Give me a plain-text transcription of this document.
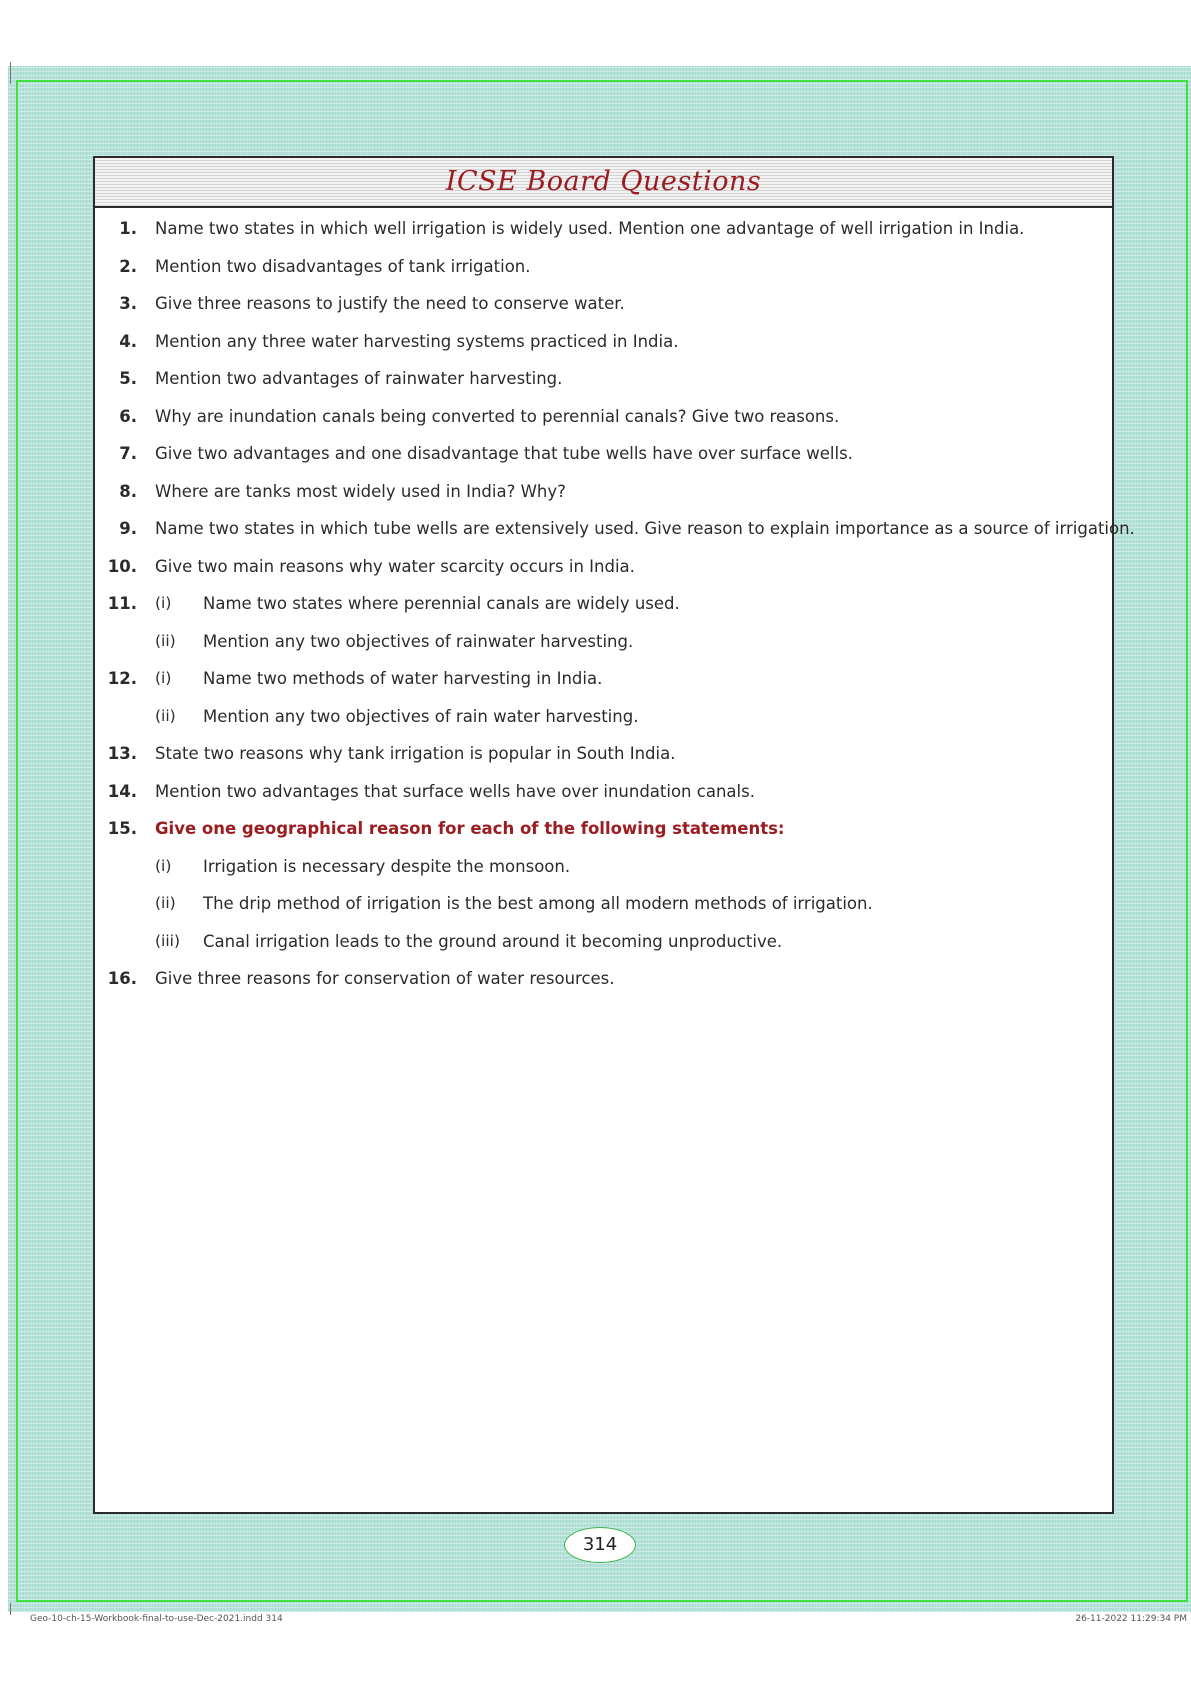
ICSE Board Questions
1. Name two states in which well irrigation is widely used. Mention one advantage of well irrigation in India.
2. Mention two disadvantages of tank irrigation.
3. Give three reasons to justify the need to conserve water.
4. Mention any three water harvesting systems practiced in India.
5. Mention two advantages of rainwater harvesting.
6. Why are inundation canals being converted to perennial canals? Give two reasons.
7. Give two advantages and one disadvantage that tube wells have over surface wells.
8. Where are tanks most widely used in India? Why?
9. Name two states in which tube wells are extensively used. Give reason to explain importance as a source of irrigation.
10. Give two main reasons why water scarcity occurs in India.
11. (i) Name two states where perennial canals are widely used.
(ii) Mention any two objectives of rainwater harvesting.
12. (i) Name two methods of water harvesting in India.
(ii) Mention any two objectives of rain water harvesting.
13. State two reasons why tank irrigation is popular in South India.
14. Mention two advantages that surface wells have over inundation canals.
15. Give one geographical reason for each of the following statements:
(i) Irrigation is necessary despite the monsoon.
(ii) The drip method of irrigation is the best among all modern methods of irrigation.
(iii) Canal irrigation leads to the ground around it becoming unproductive.
16. Give three reasons for conservation of water resources.
314
Geo-10-ch-15-Workbook-final-to-use-Dec-2021.indd 314	26-11-2022 11:29:34 PM
